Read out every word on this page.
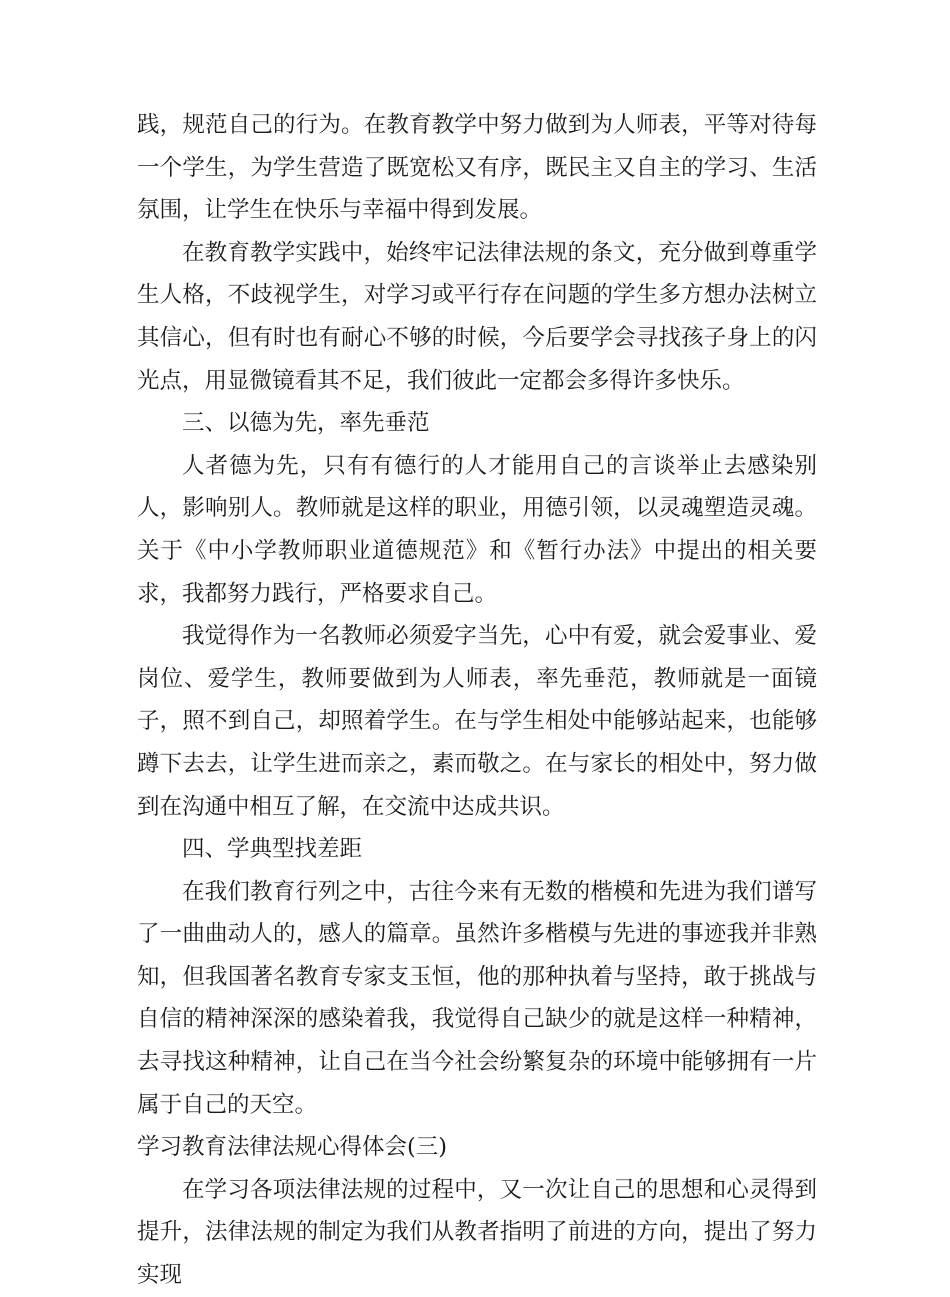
践，规范自己的行为。在教育教学中努力做到为人师表，平等对待每一个学生，为学生营造了既宽松又有序，既民主又自主的学习、生活氛围，让学生在快乐与幸福中得到发展。

在教育教学实践中，始终牢记法律法规的条文，充分做到尊重学生人格，不歧视学生，对学习或平行存在问题的学生多方想办法树立其信心，但有时也有耐心不够的时候，今后要学会寻找孩子身上的闪光点，用显微镜看其不足，我们彼此一定都会多得许多快乐。

三、以德为先，率先垂范

人者德为先，只有有德行的人才能用自己的言谈举止去感染别人，影响别人。教师就是这样的职业，用德引领，以灵魂塑造灵魂。关于《中小学教师职业道德规范》和《暂行办法》中提出的相关要求，我都努力践行，严格要求自己。

我觉得作为一名教师必须爱字当先，心中有爱，就会爱事业、爱岗位、爱学生，教师要做到为人师表，率先垂范，教师就是一面镜子，照不到自己，却照着学生。在与学生相处中能够站起来，也能够蹲下去去，让学生进而亲之，素而敬之。在与家长的相处中，努力做到在沟通中相互了解，在交流中达成共识。

四、学典型找差距

在我们教育行列之中，古往今来有无数的楷模和先进为我们谱写了一曲曲动人的，感人的篇章。虽然许多楷模与先进的事迹我并非熟知，但我国著名教育专家支玉恒，他的那种执着与坚持，敢于挑战与自信的精神深深的感染着我，我觉得自己缺少的就是这样一种精神，去寻找这种精神，让自己在当今社会纷繁复杂的环境中能够拥有一片属于自己的天空。

学习教育法律法规心得体会(三)

在学习各项法律法规的过程中，又一次让自己的思想和心灵得到提升，法律法规的制定为我们从教者指明了前进的方向，提出了努力实现
